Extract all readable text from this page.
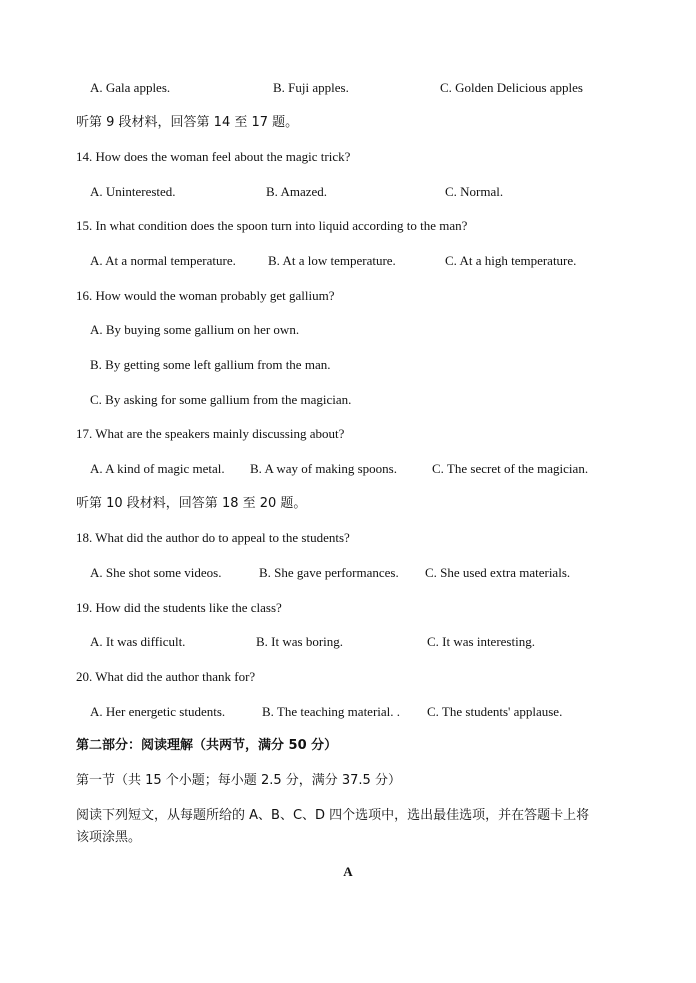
A. Gala apples.	B. Fuji apples.	C. Golden Delicious apples
听第 9 段材料，回答第 14 至 17 题。
14. How does the woman feel about the magic trick?
A. Uninterested.	B. Amazed.	C. Normal.
15. In what condition does the spoon turn into liquid according to the man?
A. At a normal temperature. B. At a low temperature.	C. At a high temperature.
16. How would the woman probably get gallium?
A. By buying some gallium on her own.
B. By getting some left gallium from the man.
C. By asking for some gallium from the magician.
17. What are the speakers mainly discussing about?
A. A kind of magic metal. B. A way of making spoons.	C. The secret of the magician.
听第 10 段材料，回答第 18 至 20 题。
18. What did the author do to appeal to the students?
A. She shot some videos.	B. She gave performances. C. She used extra materials.
19. How did the students like the class?
A. It was difficult.	B. It was boring.	C. It was interesting.
20. What did the author thank for?
A. Her energetic students.	B. The teaching material. . C. The students' applause.
第二部分：阅读理解（共两节，满分 50 分）
第一节（共 15 个小题；每小题 2.5 分，满分 37.5 分）
阅读下列短文，从每题所给的 A、B、C、D 四个选项中，选出最佳选项，并在答题卡上将
该项涂黑。
A
